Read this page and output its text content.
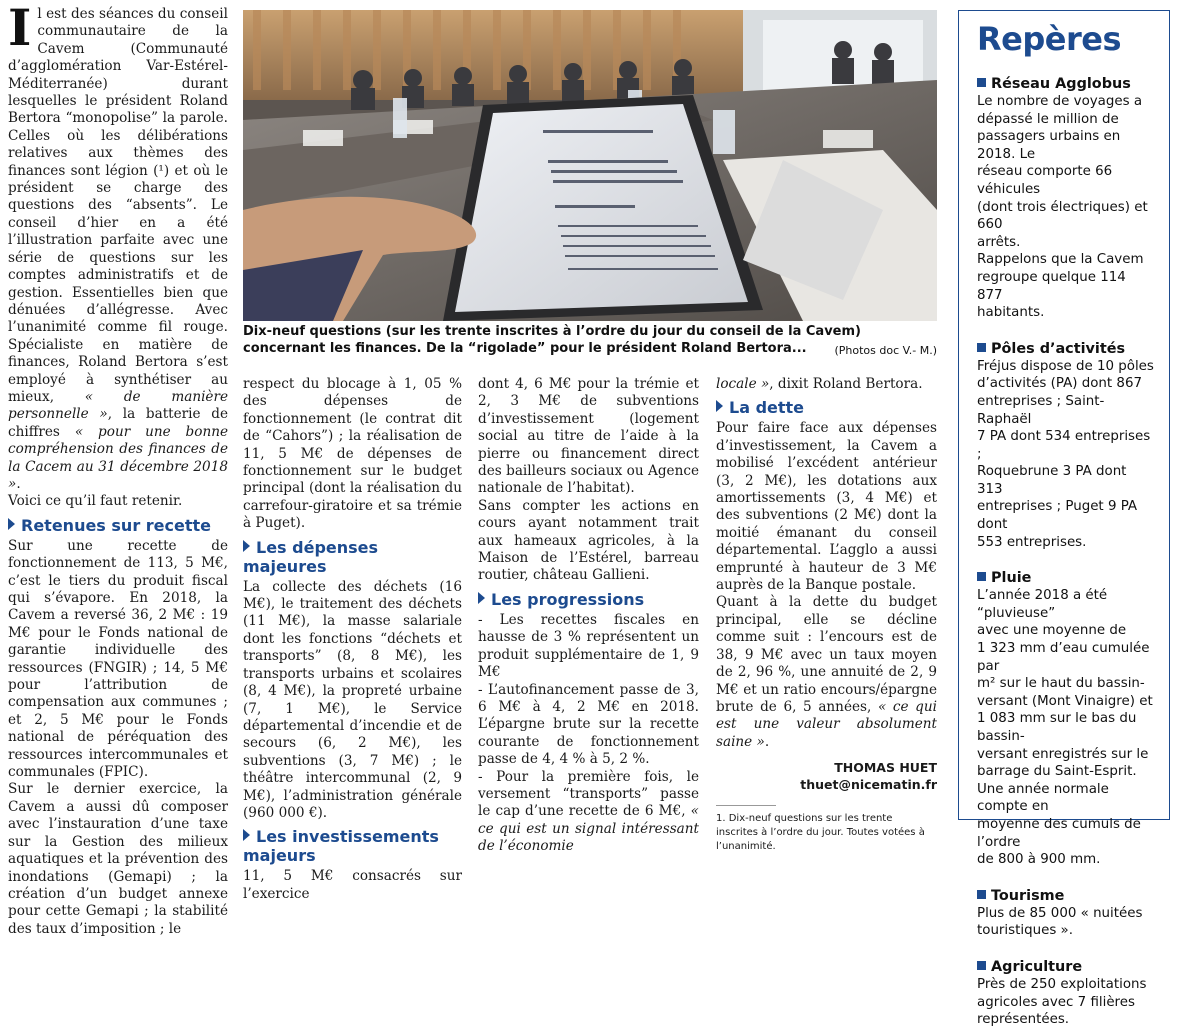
Il est des séances du conseil communautaire de la Cavem (Communauté d’agglomération Var-Estérel-Méditerranée) durant lesquelles le président Roland Bertora “monopolise” la parole. Celles où les délibérations relatives aux thèmes des finances sont légion (¹) et où le président se charge des questions des “absents”. Le conseil d’hier en a été l’illustration parfaite avec une série de questions sur les comptes administratifs et de gestion. Essentielles bien que dénuées d’allégresse. Avec l’unanimité comme fil rouge. Spécialiste en matière de finances, Roland Bertora s’est employé à synthétiser au mieux, « de manière personnelle », la batterie de chiffres « pour une bonne compréhension des finances de la Cacem au 31 décembre 2018 ».

Voici ce qu’il faut retenir.

Retenues sur recette

Sur une recette de fonctionnement de 113, 5 M€, c’est le tiers du produit fiscal qui s’évapore. En 2018, la Cavem a reversé 36, 2 M€ : 19 M€ pour le Fonds national de garantie individuelle des ressources (FNGIR) ; 14, 5 M€ pour l’attribution de compensation aux communes ; et 2, 5 M€ pour le Fonds national de péréquation des ressources intercommunales et communales (FPIC).

Sur le dernier exercice, la Cavem a aussi dû composer avec l’instauration d’une taxe sur la Gestion des milieux aquatiques et la prévention des inondations (Gemapi) ; la création d’un budget annexe pour cette Gemapi ; la stabilité des taux d’imposition ; le

Dix-neuf questions (sur les trente inscrites à l’ordre du jour du conseil de la Cavem) concernant les finances. De la “rigolade” pour le président Roland Bertora...	(Photos doc V.- M.)

respect du blocage à 1, 05 % des dépenses de fonctionnement (le contrat dit de “Cahors”) ; la réalisation de 11, 5 M€ de dépenses de fonctionnement sur le budget principal (dont la réalisation du carrefour-giratoire et sa trémie à Puget).

Les dépenses majeures

La collecte des déchets (16 M€), le traitement des déchets (11 M€), la masse salariale dont les fonctions “déchets et transports” (8, 8 M€), les transports urbains et scolaires (8, 4 M€), la propreté urbaine (7, 1 M€), le Service départemental d’incendie et de secours (6, 2 M€), les subventions (3, 7 M€) ; le théâtre intercommunal (2, 9 M€), l’administration générale (960 000 €).

Les investissements majeurs

11, 5 M€ consacrés sur l’exercice

dont 4, 6 M€ pour la trémie et 2, 3 M€ de subventions d’investissement (logement social au titre de l’aide à la pierre ou financement direct des bailleurs sociaux ou Agence nationale de l’habitat).

Sans compter les actions en cours ayant notamment trait aux hameaux agricoles, à la Maison de l’Estérel, barreau routier, château Gallieni.

Les progressions

- Les recettes fiscales en hausse de 3 % représentent un produit supplémentaire de 1, 9 M€

- L’autofinancement passe de 3, 6 M€ à 4, 2 M€ en 2018. L’épargne brute sur la recette courante de fonctionnement passe de 4, 4 % à 5, 2 %.

- Pour la première fois, le versement “transports” passe le cap d’une recette de 6 M€, « ce qui est un signal intéressant de l’économie

locale », dixit Roland Bertora.

La dette

Pour faire face aux dépenses d’investissement, la Cavem a mobilisé l’excédent antérieur (3, 2 M€), les dotations aux amortissements (3, 4 M€) et des subventions (2 M€) dont la moitié émanant du conseil départemental. L’agglo a aussi emprunté à hauteur de 3 M€ auprès de la Banque postale.

Quant à la dette du budget principal, elle se décline comme suit : l’encours est de 38, 9 M€ avec un taux moyen de 2, 96 %, une annuité de 2, 9 M€ et un ratio encours/épargne brute de 6, 5 années, « ce qui est une valeur absolument saine ».

THOMAS HUET
thuet@nicematin.fr
1. Dix-neuf questions sur les trente inscrites à l’ordre du jour. Toutes votées à l’unanimité.
Repères
Réseau Agglobus
Le nombre de voyages a
dépassé le million de
passagers urbains en 2018. Le
réseau comporte 66 véhicules
(dont trois électriques) et 660
arrêts.
Rappelons que la Cavem
regroupe quelque 114 877
habitants.
Pôles d’activités
Fréjus dispose de 10 pôles
d’activités (PA) dont 867
entreprises ; Saint-Raphaël
7 PA dont 534 entreprises ;
Roquebrune 3 PA dont 313
entreprises ; Puget 9 PA dont
553 entreprises.
Pluie
L’année 2018 a été “pluvieuse”
avec une moyenne de
1 323 mm d’eau cumulée par
m² sur le haut du bassin-
versant (Mont Vinaigre) et
1 083 mm sur le bas du bassin-
versant enregistrés sur le
barrage du Saint-Esprit.
Une année normale compte en
moyenne des cumuls de l’ordre
de 800 à 900 mm.
Tourisme
Plus de 85 000 « nuitées
touristiques ».
Agriculture
Près de 250 exploitations
agricoles avec 7 filières
représentées.
